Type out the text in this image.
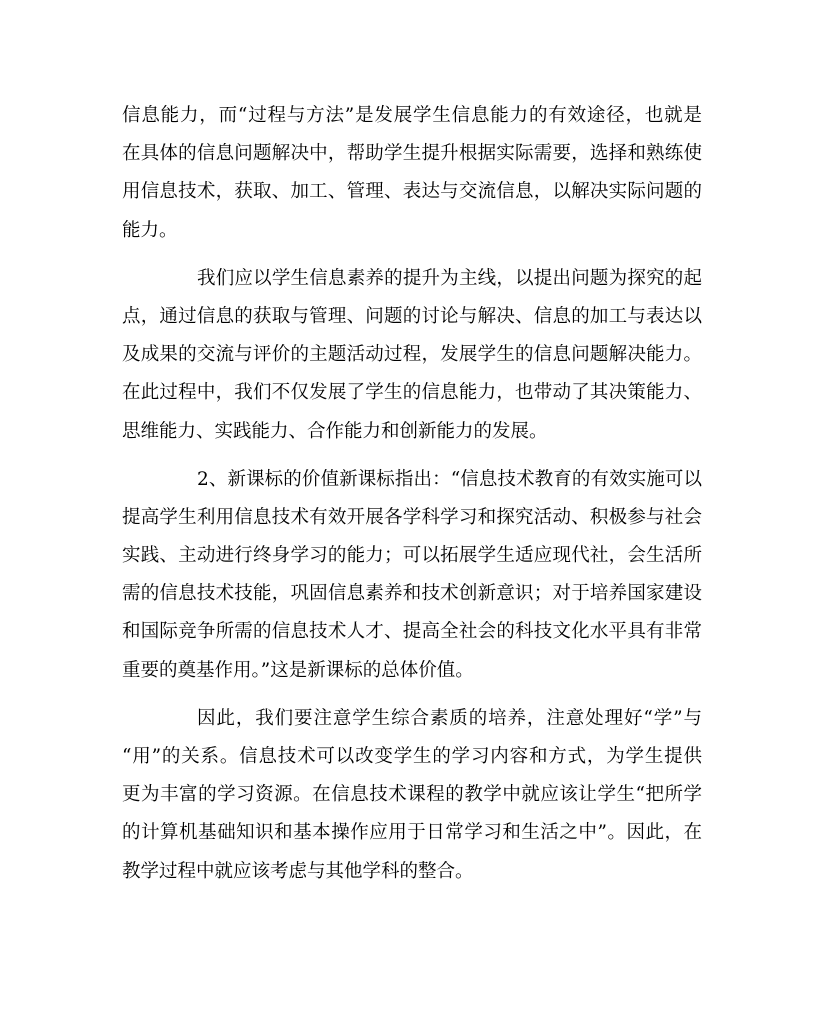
信息能力，而“过程与方法”是发展学生信息能力的有效途径，也就是
在具体的信息问题解决中，帮助学生提升根据实际需要，选择和熟练使
用信息技术，获取、加工、管理、表达与交流信息，以解决实际问题的
能力。
我们应以学生信息素养的提升为主线，以提出问题为探究的起
点，通过信息的获取与管理、问题的讨论与解决、信息的加工与表达以
及成果的交流与评价的主题活动过程，发展学生的信息问题解决能力。
在此过程中，我们不仅发展了学生的信息能力，也带动了其决策能力、
思维能力、实践能力、合作能力和创新能力的发展。
2、新课标的价值新课标指出：“信息技术教育的有效实施可以
提高学生利用信息技术有效开展各学科学习和探究活动、积极参与社会
实践、主动进行终身学习的能力；可以拓展学生适应现代社，会生活所
需的信息技术技能，巩固信息素养和技术创新意识；对于培养国家建设
和国际竞争所需的信息技术人才、提高全社会的科技文化水平具有非常
重要的奠基作用。”这是新课标的总体价值。
因此，我们要注意学生综合素质的培养，注意处理好“学”与
“用”的关系。信息技术可以改变学生的学习内容和方式，为学生提供
更为丰富的学习资源。在信息技术课程的教学中就应该让学生“把所学
的计算机基础知识和基本操作应用于日常学习和生活之中”。因此，在
教学过程中就应该考虑与其他学科的整合。
